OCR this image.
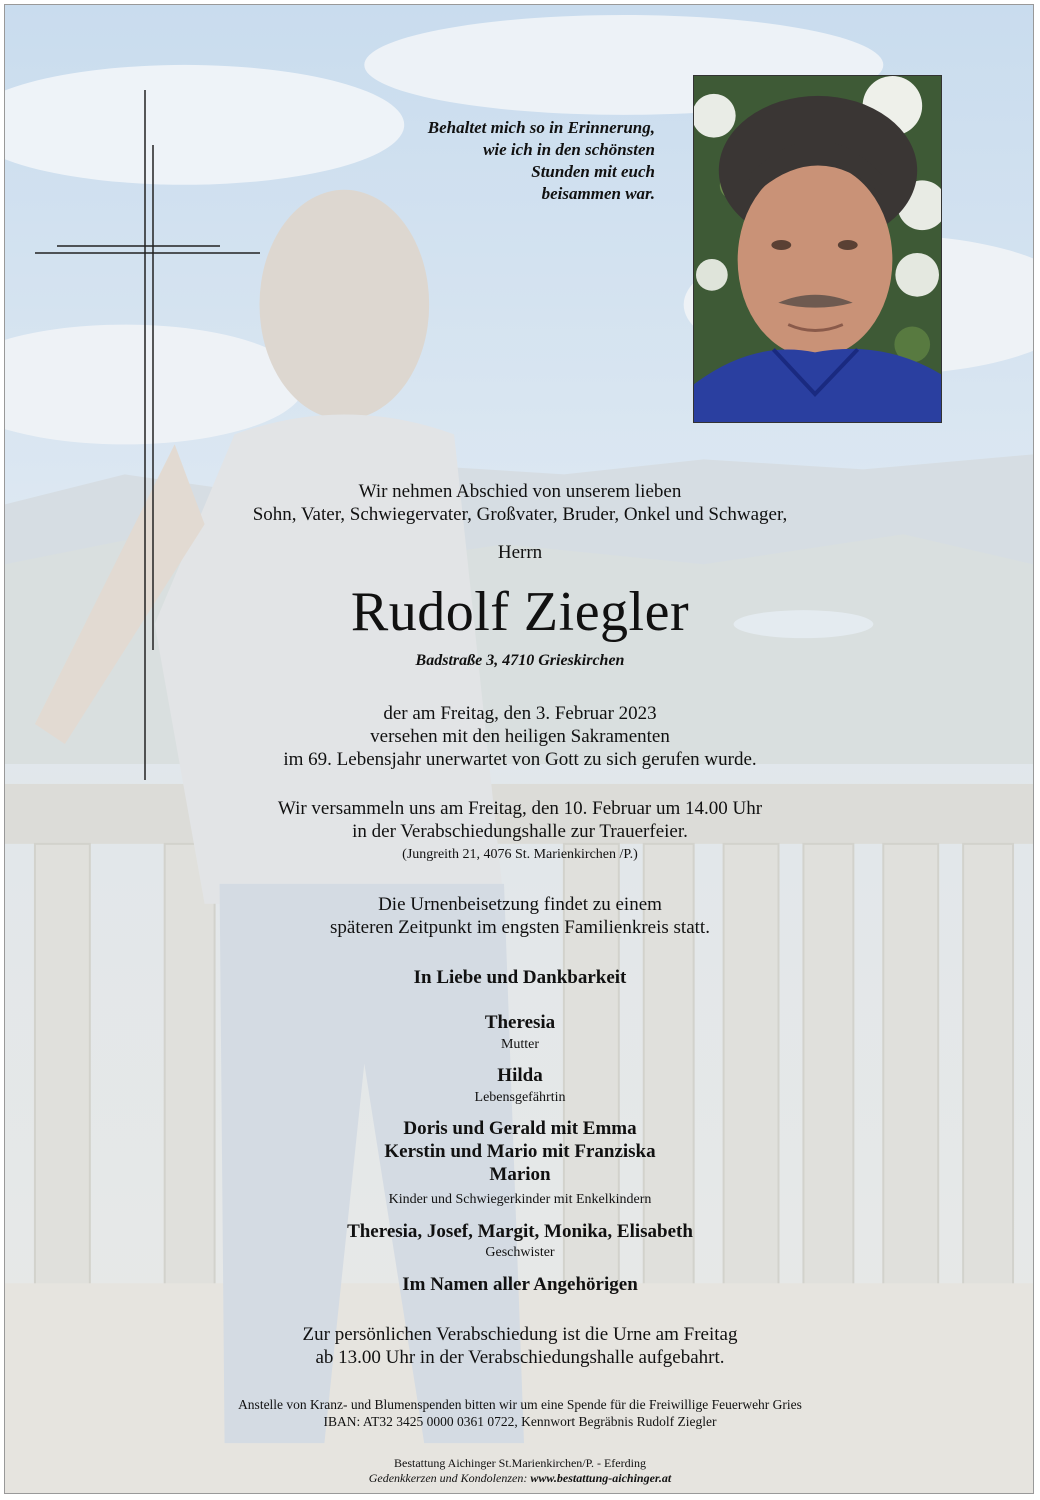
Behaltet mich so in Erinnerung,
wie ich in den schönsten
Stunden mit euch
beisammen war.
Wir nehmen Abschied von unserem lieben
Sohn, Vater, Schwiegervater, Großvater, Bruder, Onkel und Schwager,
Herrn
Rudolf Ziegler
Badstraße 3, 4710 Grieskirchen
der am Freitag, den 3. Februar 2023
versehen mit den heiligen Sakramenten
im 69. Lebensjahr unerwartet von Gott zu sich gerufen wurde.
Wir versammeln uns am Freitag, den 10. Februar um 14.00 Uhr
in der Verabschiedungshalle zur Trauerfeier.
(Jungreith 21, 4076 St. Marienkirchen /P.)
Die Urnenbeisetzung findet zu einem
späteren Zeitpunkt im engsten Familienkreis statt.
In Liebe und Dankbarkeit
Theresia
Mutter
Hilda
Lebensgefährtin
Doris und Gerald mit Emma
Kerstin und Mario mit Franziska
Marion
Kinder und Schwiegerkinder mit Enkelkindern
Theresia, Josef, Margit, Monika, Elisabeth
Geschwister
Im Namen aller Angehörigen
Zur persönlichen Verabschiedung ist die Urne am Freitag
ab 13.00 Uhr in der Verabschiedungshalle aufgebahrt.
Anstelle von Kranz- und Blumenspenden bitten wir um eine Spende für die Freiwillige Feuerwehr Gries
IBAN: AT32 3425 0000 0361 0722, Kennwort Begräbnis Rudolf Ziegler
Bestattung Aichinger St.Marienkirchen/P. - Eferding
Gedenkkerzen und Kondolenzen: www.bestattung-aichinger.at
